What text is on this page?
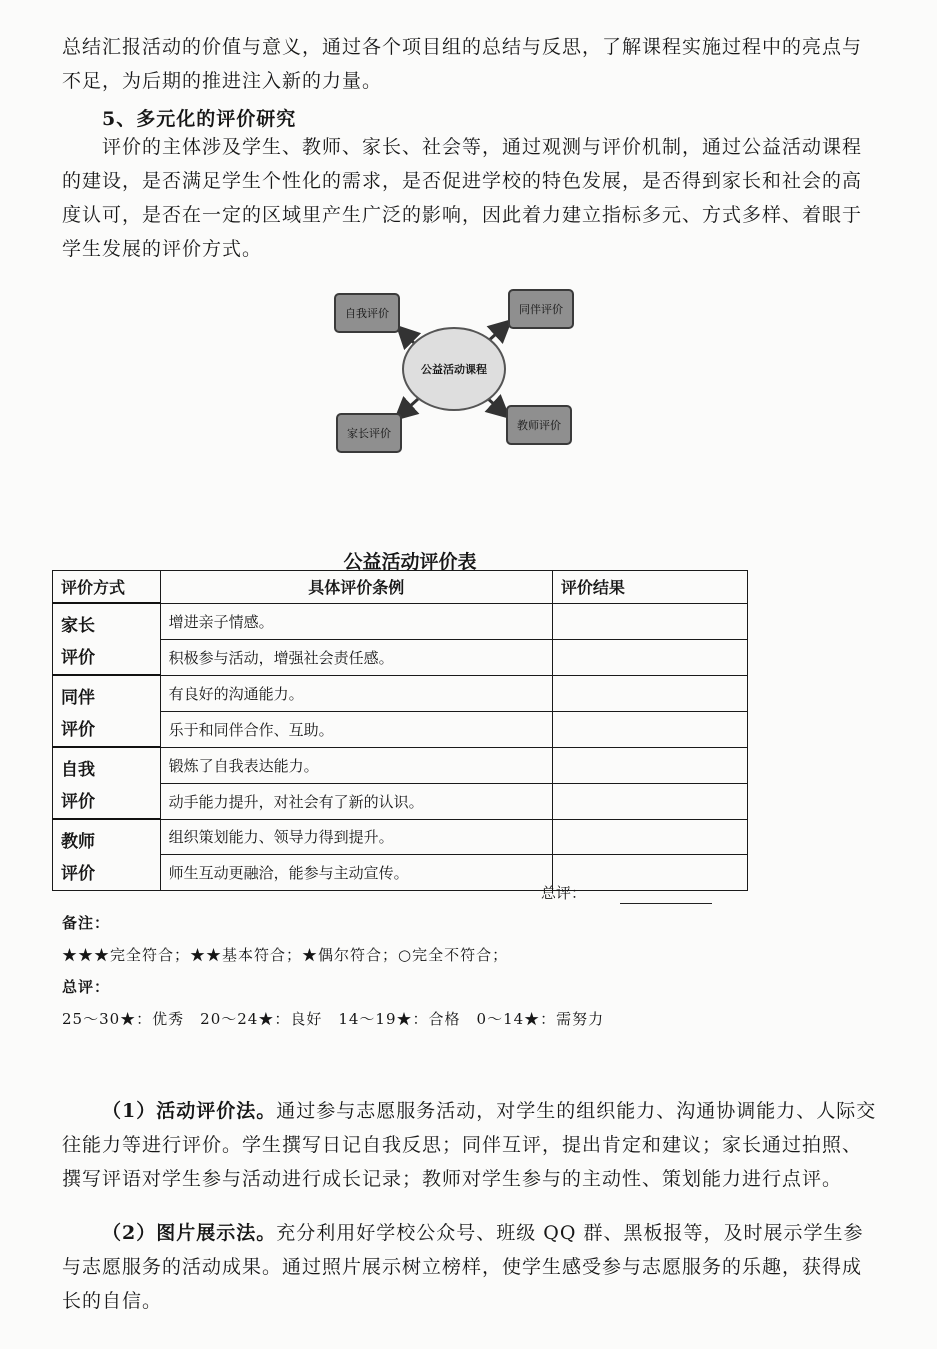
总结汇报活动的价值与意义，通过各个项目组的总结与反思，了解课程实施过程中的亮点与不足，为后期的推进注入新的力量。

5、多元化的评价研究

评价的主体涉及学生、教师、家长、社会等，通过观测与评价机制，通过公益活动课程的建设，是否满足学生个性化的需求，是否促进学校的特色发展，是否得到家长和社会的高度认可，是否在一定的区域里产生广泛的影响，因此着力建立指标多元、方式多样、着眼于学生发展的评价方式。

公益活动课程
自我评价	同伴评价
家长评价
教师评价
公益活动评价表
评价方式	具体评价条例	评价结果
家长
评价	增进亲子情感。	
	积极参与活动，增强社会责任感。	
同伴
评价	有良好的沟通能力。	
	乐于和同伴合作、互助。	
自我
评价	锻炼了自我表达能力。	
	动手能力提升，对社会有了新的认识。	
教师
评价	组织策划能力、领导力得到提升。	
	师生互动更融洽，能参与主动宣传。	
总评：
备注：
★★★完全符合；★★基本符合；★偶尔符合；○完全不符合；
总评：
25～30★：优秀　20～24★：良好　14～19★：合格　0～14★：需努力

（1）活动评价法。通过参与志愿服务活动，对学生的组织能力、沟通协调能力、人际交往能力等进行评价。学生撰写日记自我反思；同伴互评，提出肯定和建议；家长通过拍照、撰写评语对学生参与活动进行成长记录；教师对学生参与的主动性、策划能力进行点评。

（2）图片展示法。充分利用好学校公众号、班级 QQ 群、黑板报等，及时展示学生参与志愿服务的活动成果。通过照片展示树立榜样，使学生感受参与志愿服务的乐趣，获得成长的自信。
